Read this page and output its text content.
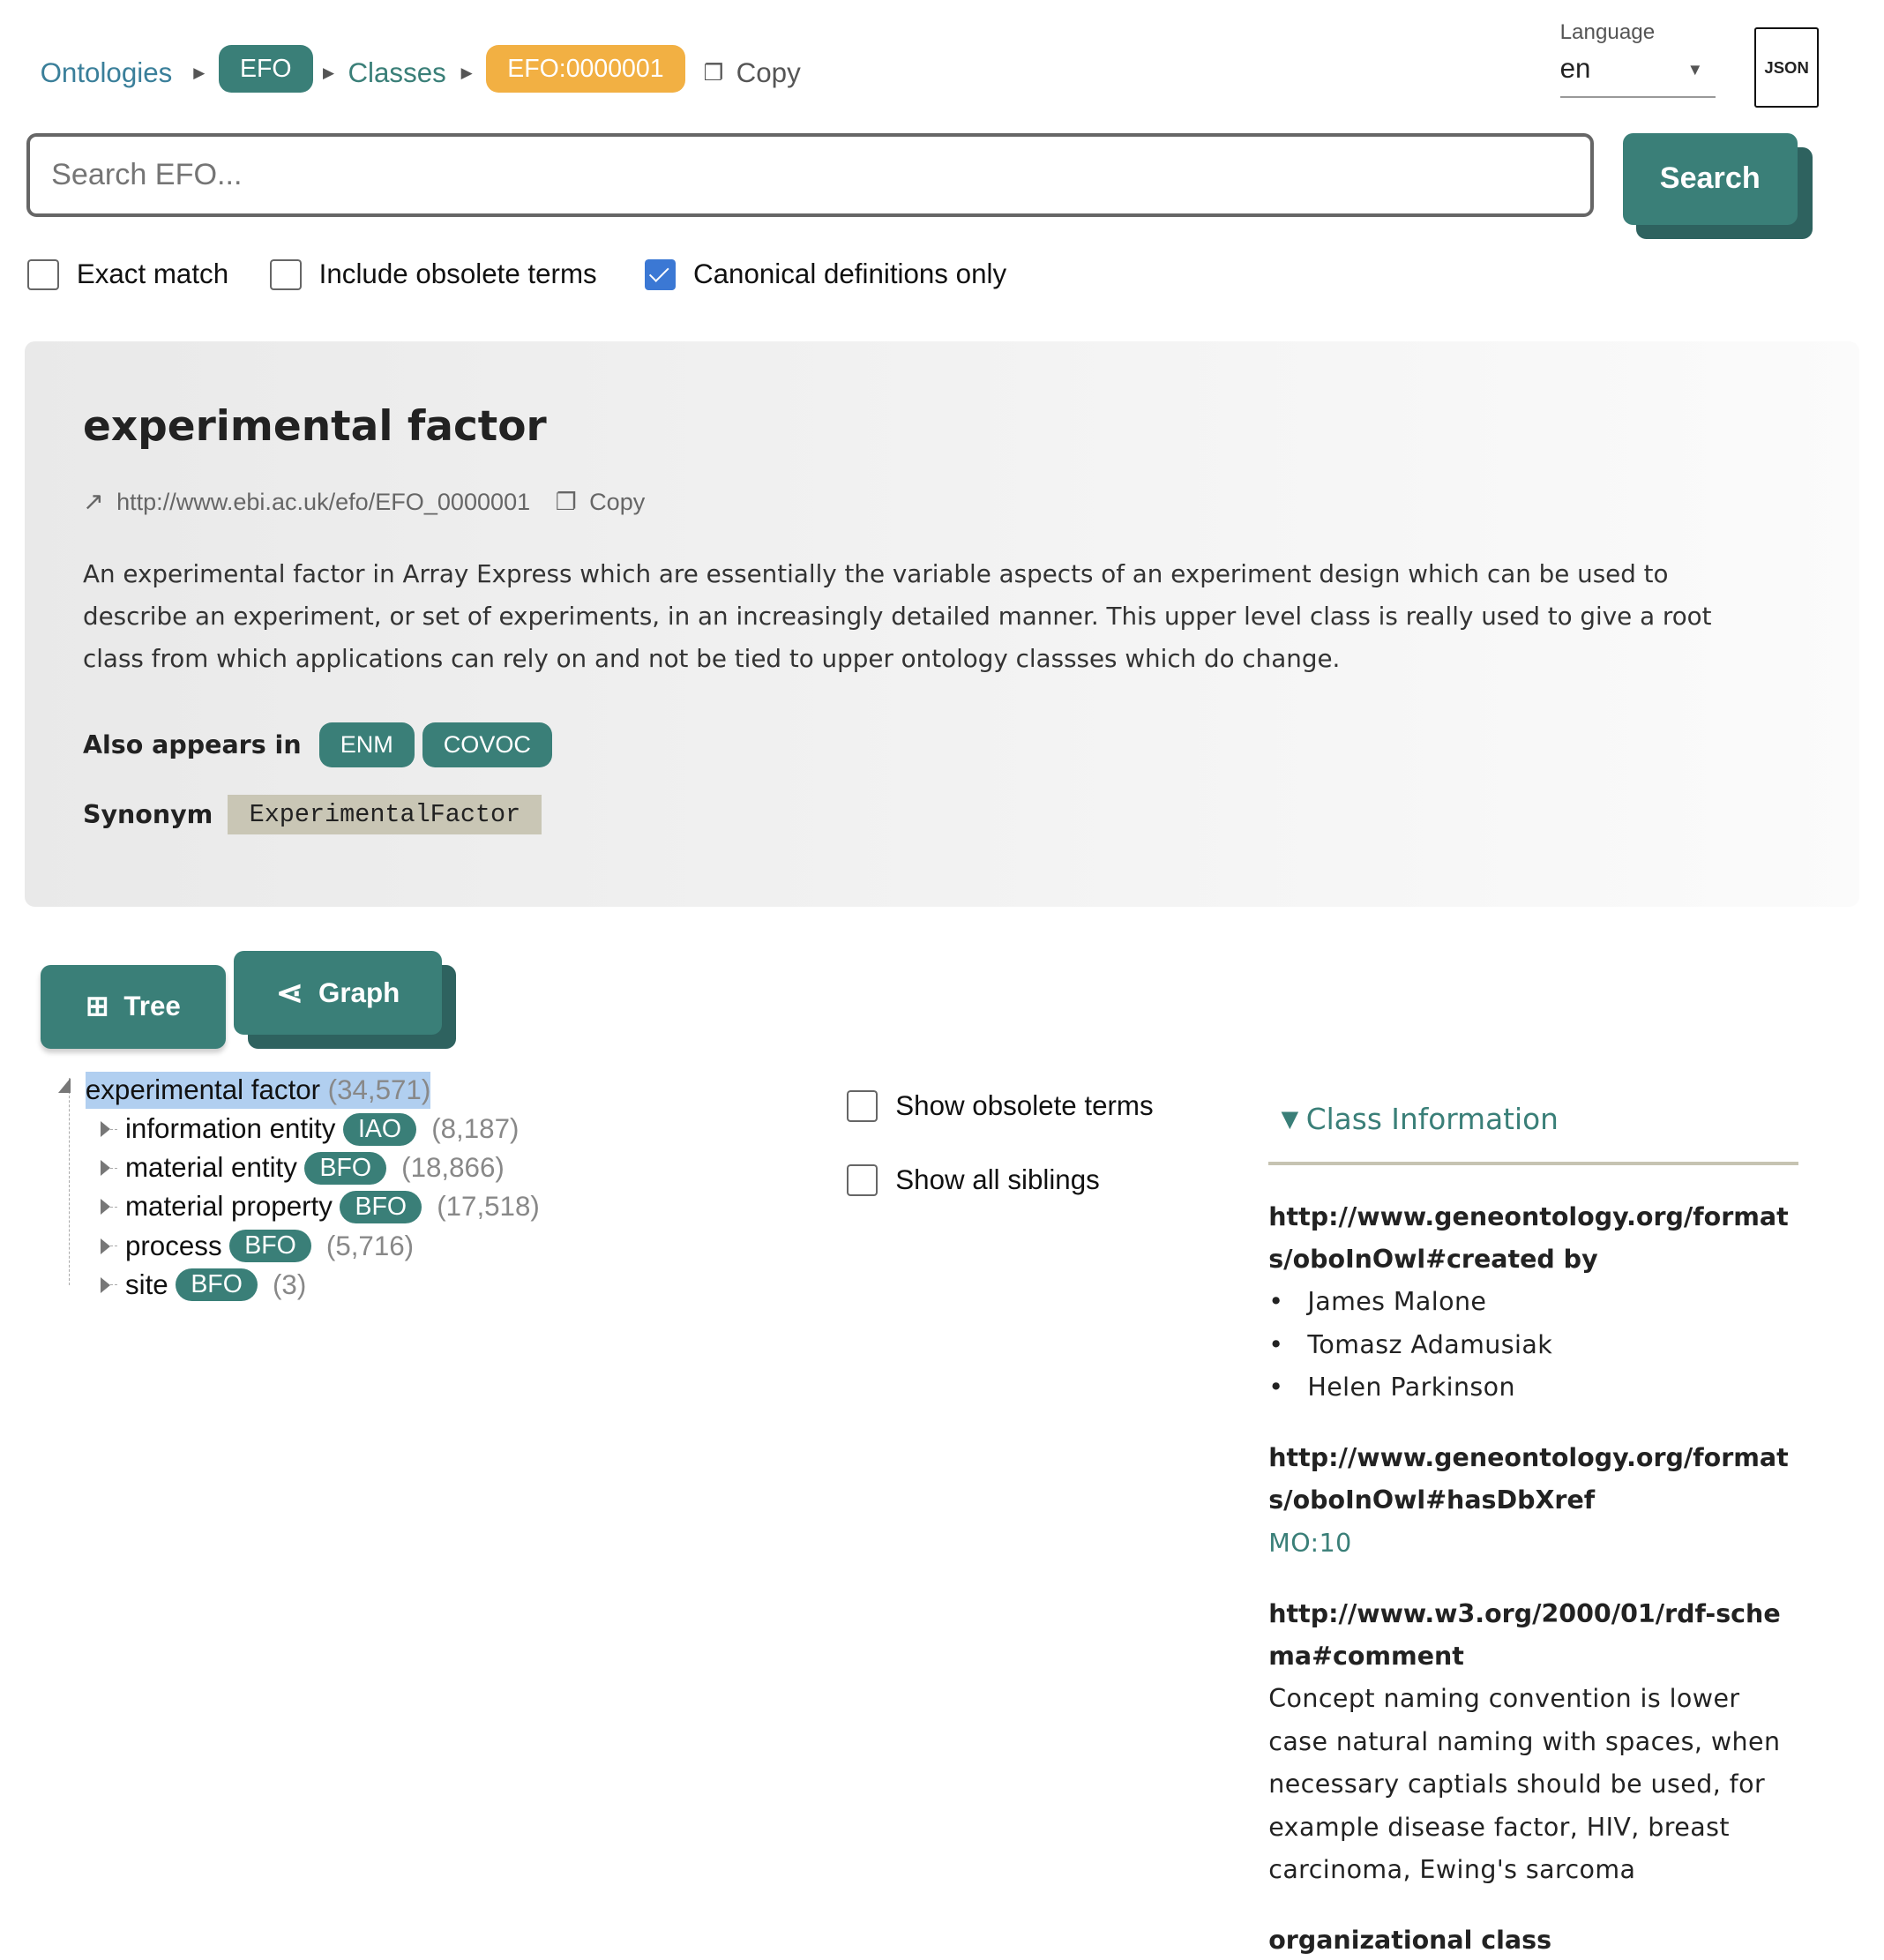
Ontologies ▶	EFO	▶ Classes ▶	EFO:0000001	❐ Copy
Language
en	▼	JSON
Search EFO...
Search
Exact match	Include obsolete terms	Canonical definitions only
experimental factor
↗ http://www.ebi.ac.uk/efo/EFO_0000001 ❐ Copy

An experimental factor in Array Express which are essentially the variable aspects of an experiment design which can be used to describe an experiment, or set of experiments, in an increasingly detailed manner. This upper level class is really used to give a root class from which applications can rely on and not be tied to upper ontology classses which do change.

Also appears in	ENM	COVOC
Synonym	ExperimentalFactor
⊞ Tree	⋖ Graph
experimental factor (34,571)
information entity	IAO	(8,187)
material entity	BFO	(18,866)
material property	BFO	(17,518)
process	BFO	(5,716)
site	BFO	(3)
Show obsolete terms
Show all siblings
▼ Class Information
http://www.geneontology.org/formats/oboInOwl#created by
• James Malone
• Tomasz Adamusiak
• Helen Parkinson
http://www.geneontology.org/formats/oboInOwl#hasDbXref
MO:10
http://www.w3.org/2000/01/rdf-schema#comment
Concept naming convention is lower case natural naming with spaces, when necessary captials should be used, for example disease factor, HIV, breast carcinoma, Ewing's sarcoma
organizational class
